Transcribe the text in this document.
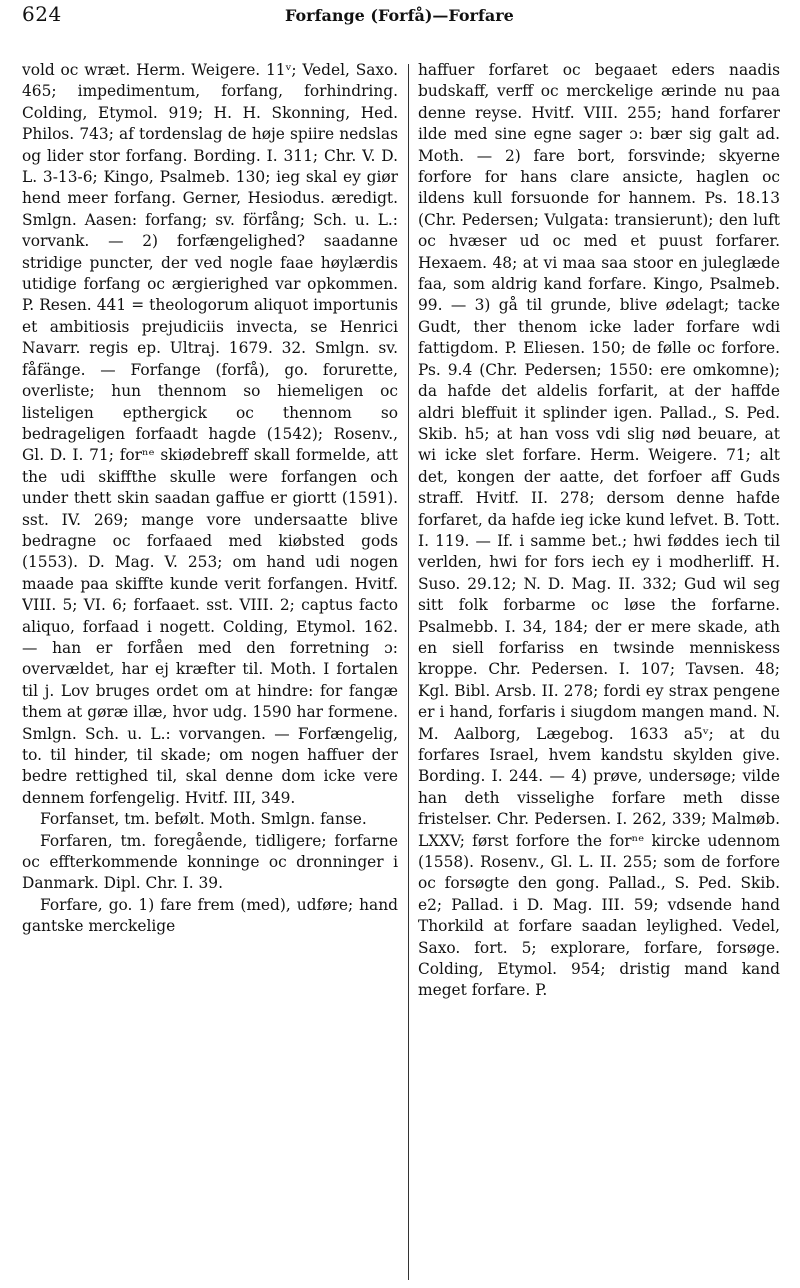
624	Forfange (Forfå)—Forfare

vold oc wræt. Herm. Weigere. 11ᵛ; Vedel, Saxo. 465; impedimentum, forfang, forhindring. Colding, Etymol. 919; H. H. Skonning, Hed. Philos. 743; af tordenslag de høje spiire nedslas og lider stor forfang. Bording. I. 311; Chr. V. D. L. 3-13-6; Kingo, Psalmeb. 130; ieg skal ey giør hend meer forfang. Gerner, Hesiodus. æredigt. Smlgn. Aasen: forfang; sv. förfång; Sch. u. L.: vorvank. — 2) forfængelighed? saadanne stridige puncter, der ved nogle faae høylærdis utidige forfang oc ærgierighed var opkommen. P. Resen. 441 = theologorum aliquot importunis et ambitiosis prejudiciis invecta, se Henrici Navarr. regis ep. Ultraj. 1679. 32. Smlgn. sv. fåfänge. — Forfange (forfå), go. forurette, overliste; hun thennom so hiemeligen oc listeligen epthergick oc thennom so bedrageligen forfaadt hagde (1542); Rosenv., Gl. D. I. 71; forⁿᵉ skiødebreff skall formelde, att the udi skiffthe skulle were forfangen och under thett skin saadan gaffue er giortt (1591). sst. IV. 269; mange vore undersaatte blive bedragne oc forfaaed med kiøbsted gods (1553). D. Mag. V. 253; om hand udi nogen maade paa skiffte kunde verit forfangen. Hvitf. VIII. 5; VI. 6; forfaaet. sst. VIII. 2; captus facto aliquo, forfaad i nogett. Colding, Etymol. 162. — han er forfåen med den forretning ɔ: overvældet, har ej kræfter til. Moth. I fortalen til j. Lov bruges ordet om at hindre: for fangæ them at gøræ illæ, hvor udg. 1590 har formene. Smlgn. Sch. u. L.: vorvangen. — Forfængelig, to. til hinder, til skade; om nogen haffuer der bedre rettighed til, skal denne dom icke vere dennem forfengelig. Hvitf. III, 349.

Forfanset, tm. befølt. Moth. Smlgn. fanse.

Forfaren, tm. foregående, tidligere; forfarne oc effterkommende konninge oc dronninger i Danmark. Dipl. Chr. I. 39.

Forfare, go. 1) fare frem (med), udføre; hand gantske merckelige

haffuer forfaret oc begaaet eders naadis budskaff, verff oc merckelige ærinde nu paa denne reyse. Hvitf. VIII. 255; hand forfarer ilde med sine egne sager ɔ: bær sig galt ad. Moth. — 2) fare bort, forsvinde; skyerne forfore for hans clare ansicte, haglen oc ildens kull forsuonde for hannem. Ps. 18.13 (Chr. Pedersen; Vulgata: transierunt); den luft oc hvæser ud oc med et puust forfarer. Hexaem. 48; at vi maa saa stoor en juleglæde faa, som aldrig kand forfare. Kingo, Psalmeb. 99. — 3) gå til grunde, blive ødelagt; tacke Gudt, ther thenom icke lader forfare wdi fattigdom. P. Eliesen. 150; de følle oc forfore. Ps. 9.4 (Chr. Pedersen; 1550: ere omkomne); da hafde det aldelis forfarit, at der haffde aldri bleffuit it splinder igen. Pallad., S. Ped. Skib. h5; at han voss vdi slig nød beuare, at wi icke slet forfare. Herm. Weigere. 71; alt det, kongen der aatte, det forfoer aff Guds straff. Hvitf. II. 278; dersom denne hafde forfaret, da hafde ieg icke kund lefvet. B. Tott. I. 119. — If. i samme bet.; hwi føddes iech til verlden, hwi for fors iech ey i modherliff. H. Suso. 29.12; N. D. Mag. II. 332; Gud wil seg sitt folk forbarme oc løse the forfarne. Psalmebb. I. 34, 184; der er mere skade, ath en siell forfariss en twsinde menniskess kroppe. Chr. Pedersen. I. 107; Tavsen. 48; Kgl. Bibl. Arsb. II. 278; fordi ey strax pengene er i hand, forfaris i siugdom mangen mand. N. M. Aalborg, Lægebog. 1633 a5ᵛ; at du forfares Israel, hvem kandstu skylden give. Bording. I. 244. — 4) prøve, undersøge; vilde han deth visselighe forfare meth disse fristelser. Chr. Pedersen. I. 262, 339; Malmøb. LXXV; først forfore the forⁿᵉ kircke udennom (1558). Rosenv., Gl. L. II. 255; som de forfore oc forsøgte den gong. Pallad., S. Ped. Skib. e2; Pallad. i D. Mag. III. 59; vdsende hand Thorkild at forfare saadan leylighed. Vedel, Saxo. fort. 5; explorare, forfare, forsøge. Colding, Etymol. 954; dristig mand kand meget forfare. P.
